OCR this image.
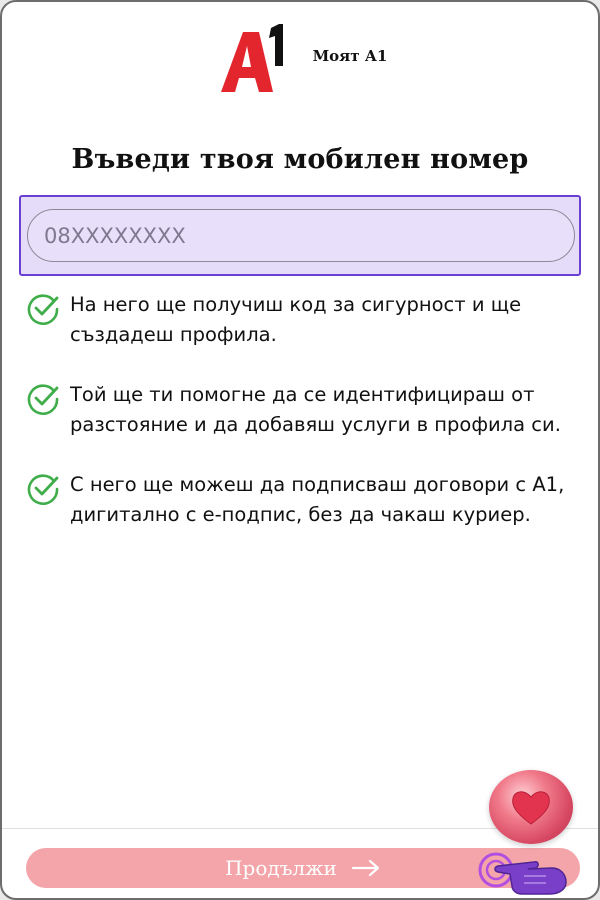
A1
Моят А1
Въведи твоя мобилен номер
08XXXXXXXX
На него ще получиш код за сигурност и ще създадеш профила.
Той ще ти помогне да се идентифицираш от разстояние и да добавяш услуги в профила си.
С него ще можеш да подписваш договори с А1, дигитално с е-подпис, без да чакаш куриер.
Продължи
